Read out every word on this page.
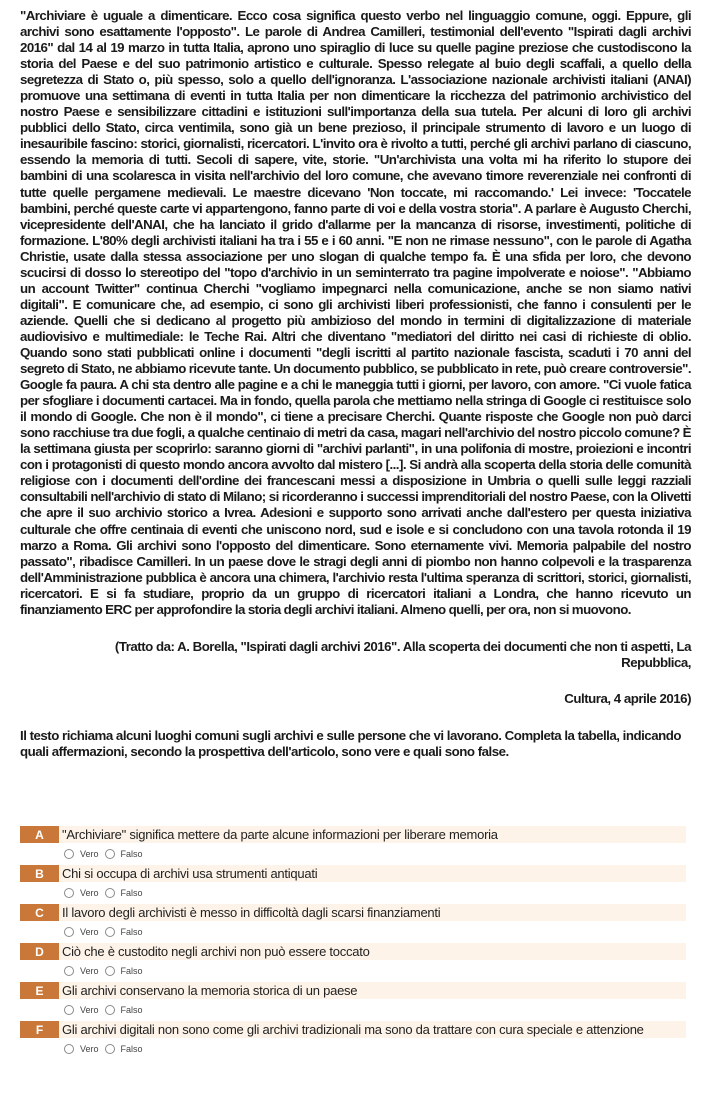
"Archiviare è uguale a dimenticare. Ecco cosa significa questo verbo nel linguaggio comune, oggi. Eppure, gli archivi sono esattamente l'opposto". Le parole di Andrea Camilleri, testimonial dell'evento "Ispirati dagli archivi 2016" dal 14 al 19 marzo in tutta Italia, aprono uno spiraglio di luce su quelle pagine preziose che custodiscono la storia del Paese e del suo patrimonio artistico e culturale. Spesso relegate al buio degli scaffali, a quello della segretezza di Stato o, più spesso, solo a quello dell'ignoranza. L'associazione nazionale archivisti italiani (ANAI) promuove una settimana di eventi in tutta Italia per non dimenticare la ricchezza del patrimonio archivistico del nostro Paese e sensibilizzare cittadini e istituzioni sull'importanza della sua tutela. Per alcuni di loro gli archivi pubblici dello Stato, circa ventimila, sono già un bene prezioso, il principale strumento di lavoro e un luogo di inesauribile fascino: storici, giornalisti, ricercatori. L'invito ora è rivolto a tutti, perché gli archivi parlano di ciascuno, essendo la memoria di tutti. Secoli di sapere, vite, storie. "Un'archivista una volta mi ha riferito lo stupore dei bambini di una scolaresca in visita nell'archivio del loro comune, che avevano timore reverenziale nei confronti di tutte quelle pergamene medievali. Le maestre dicevano 'Non toccate, mi raccomando.' Lei invece: 'Toccatele bambini, perché queste carte vi appartengono, fanno parte di voi e della vostra storia". A parlare è Augusto Cherchi, vicepresidente dell'ANAI, che ha lanciato il grido d'allarme per la mancanza di risorse, investimenti, politiche di formazione. L'80% degli archivisti italiani ha tra i 55 e i 60 anni. "E non ne rimase nessuno", con le parole di Agatha Christie, usate dalla stessa associazione per uno slogan di qualche tempo fa. È una sfida per loro, che devono scucirsi di dosso lo stereotipo del "topo d'archivio in un seminterrato tra pagine impolverate e noiose". "Abbiamo un account Twitter" continua Cherchi "vogliamo impegnarci nella comunicazione, anche se non siamo nativi digitali". E comunicare che, ad esempio, ci sono gli archivisti liberi professionisti, che fanno i consulenti per le aziende. Quelli che si dedicano al progetto più ambizioso del mondo in termini di digitalizzazione di materiale audiovisivo e multimediale: le Teche Rai. Altri che diventano "mediatori del diritto nei casi di richieste di oblio. Quando sono stati pubblicati online i documenti "degli iscritti al partito nazionale fascista, scaduti i 70 anni del segreto di Stato, ne abbiamo ricevute tante. Un documento pubblico, se pubblicato in rete, può creare controversie". Google fa paura. A chi sta dentro alle pagine e a chi le maneggia tutti i giorni, per lavoro, con amore. "Ci vuole fatica per sfogliare i documenti cartacei. Ma in fondo, quella parola che mettiamo nella stringa di Google ci restituisce solo il mondo di Google. Che non è il mondo", ci tiene a precisare Cherchi. Quante risposte che Google non può darci sono racchiuse tra due fogli, a qualche centinaio di metri da casa, magari nell'archivio del nostro piccolo comune? È la settimana giusta per scoprirlo: saranno giorni di "archivi parlanti", in una polifonia di mostre, proiezioni e incontri con i protagonisti di questo mondo ancora avvolto dal mistero [...]. Si andrà alla scoperta della storia delle comunità religiose con i documenti dell'ordine dei francescani messi a disposizione in Umbria o quelli sulle leggi razziali consultabili nell'archivio di stato di Milano; si ricorderanno i successi imprenditoriali del nostro Paese, con la Olivetti che apre il suo archivio storico a Ivrea. Adesioni e supporto sono arrivati anche dall'estero per questa iniziativa culturale che offre centinaia di eventi che uniscono nord, sud e isole e si concludono con una tavola rotonda il 19 marzo a Roma. Gli archivi sono l'opposto del dimenticare. Sono eternamente vivi. Memoria palpabile del nostro passato", ribadisce Camilleri. In un paese dove le stragi degli anni di piombo non hanno colpevoli e la trasparenza dell'Amministrazione pubblica è ancora una chimera, l'archivio resta l'ultima speranza di scrittori, storici, giornalisti, ricercatori. E si fa studiare, proprio da un gruppo di ricercatori italiani a Londra, che hanno ricevuto un finanziamento ERC per approfondire la storia degli archivi italiani. Almeno quelli, per ora, non si muovono.

(Tratto da: A. Borella, "Ispirati dagli archivi 2016". Alla scoperta dei documenti che non ti aspetti, La
Repubblica,
Cultura, 4 aprile 2016)
Il testo richiama alcuni luoghi comuni sugli archivi e sulle persone che vi lavorano. Completa la tabella, indicando quali affermazioni, secondo la prospettiva dell'articolo, sono vere e quali sono false.
A	"Archiviare" significa mettere da parte alcune informazioni per liberare memoria
Vero Falso
B	Chi si occupa di archivi usa strumenti antiquati
Vero Falso
C	Il lavoro degli archivisti è messo in difficoltà dagli scarsi finanziamenti
Vero Falso
D	Ciò che è custodito negli archivi non può essere toccato
Vero Falso
E	Gli archivi conservano la memoria storica di un paese
Vero Falso
F	Gli archivi digitali non sono come gli archivi tradizionali ma sono da trattare con cura speciale e attenzione
Vero Falso
